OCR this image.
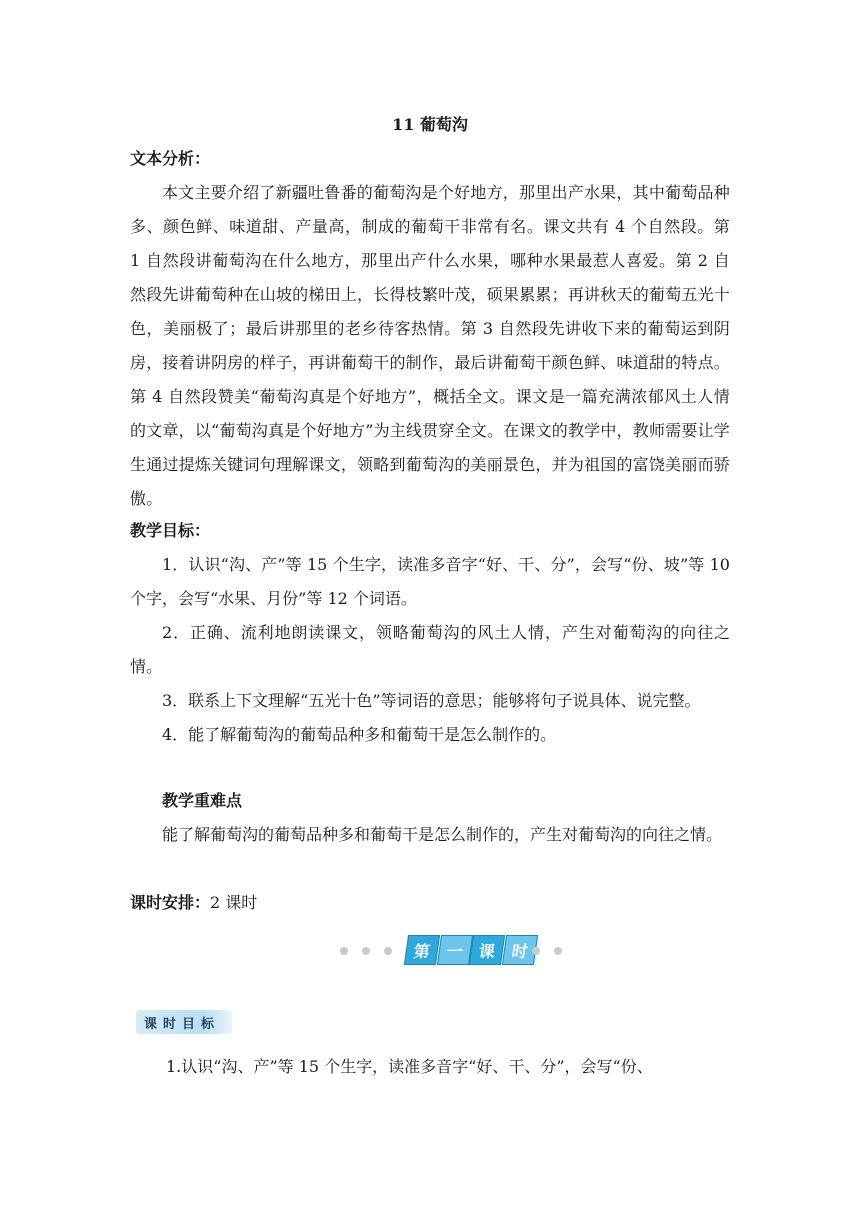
11 葡萄沟
文本分析：
本文主要介绍了新疆吐鲁番的葡萄沟是个好地方，那里出产水果，其中葡萄品种多、颜色鲜、味道甜、产量高，制成的葡萄干非常有名。课文共有 4 个自然段。第 1 自然段讲葡萄沟在什么地方，那里出产什么水果，哪种水果最惹人喜爱。第 2 自然段先讲葡萄种在山坡的梯田上，长得枝繁叶茂，硕果累累；再讲秋天的葡萄五光十色，美丽极了；最后讲那里的老乡待客热情。第 3 自然段先讲收下来的葡萄运到阴房，接着讲阴房的样子，再讲葡萄干的制作，最后讲葡萄干颜色鲜、味道甜的特点。第 4 自然段赞美“葡萄沟真是个好地方”，概括全文。课文是一篇充满浓郁风土人情的文章，以“葡萄沟真是个好地方”为主线贯穿全文。在课文的教学中，教师需要让学生通过提炼关键词句理解课文，领略到葡萄沟的美丽景色，并为祖国的富饶美丽而骄傲。
教学目标：
1．认识“沟、产”等 15 个生字，读准多音字“好、干、分”，会写“份、坡”等 10 个字，会写“水果、月份”等 12 个词语。
2．正确、流利地朗读课文，领略葡萄沟的风土人情，产生对葡萄沟的向往之情。
3．联系上下文理解“五光十色”等词语的意思；能够将句子说具体、说完整。
4．能了解葡萄沟的葡萄品种多和葡萄干是怎么制作的。
教学重难点
能了解葡萄沟的葡萄品种多和葡萄干是怎么制作的，产生对葡萄沟的向往之情。
课时安排：2 课时
第 一 课 时
课时目标
1.认识“沟、产”等 15 个生字，读准多音字“好、干、分”，会写“份、
